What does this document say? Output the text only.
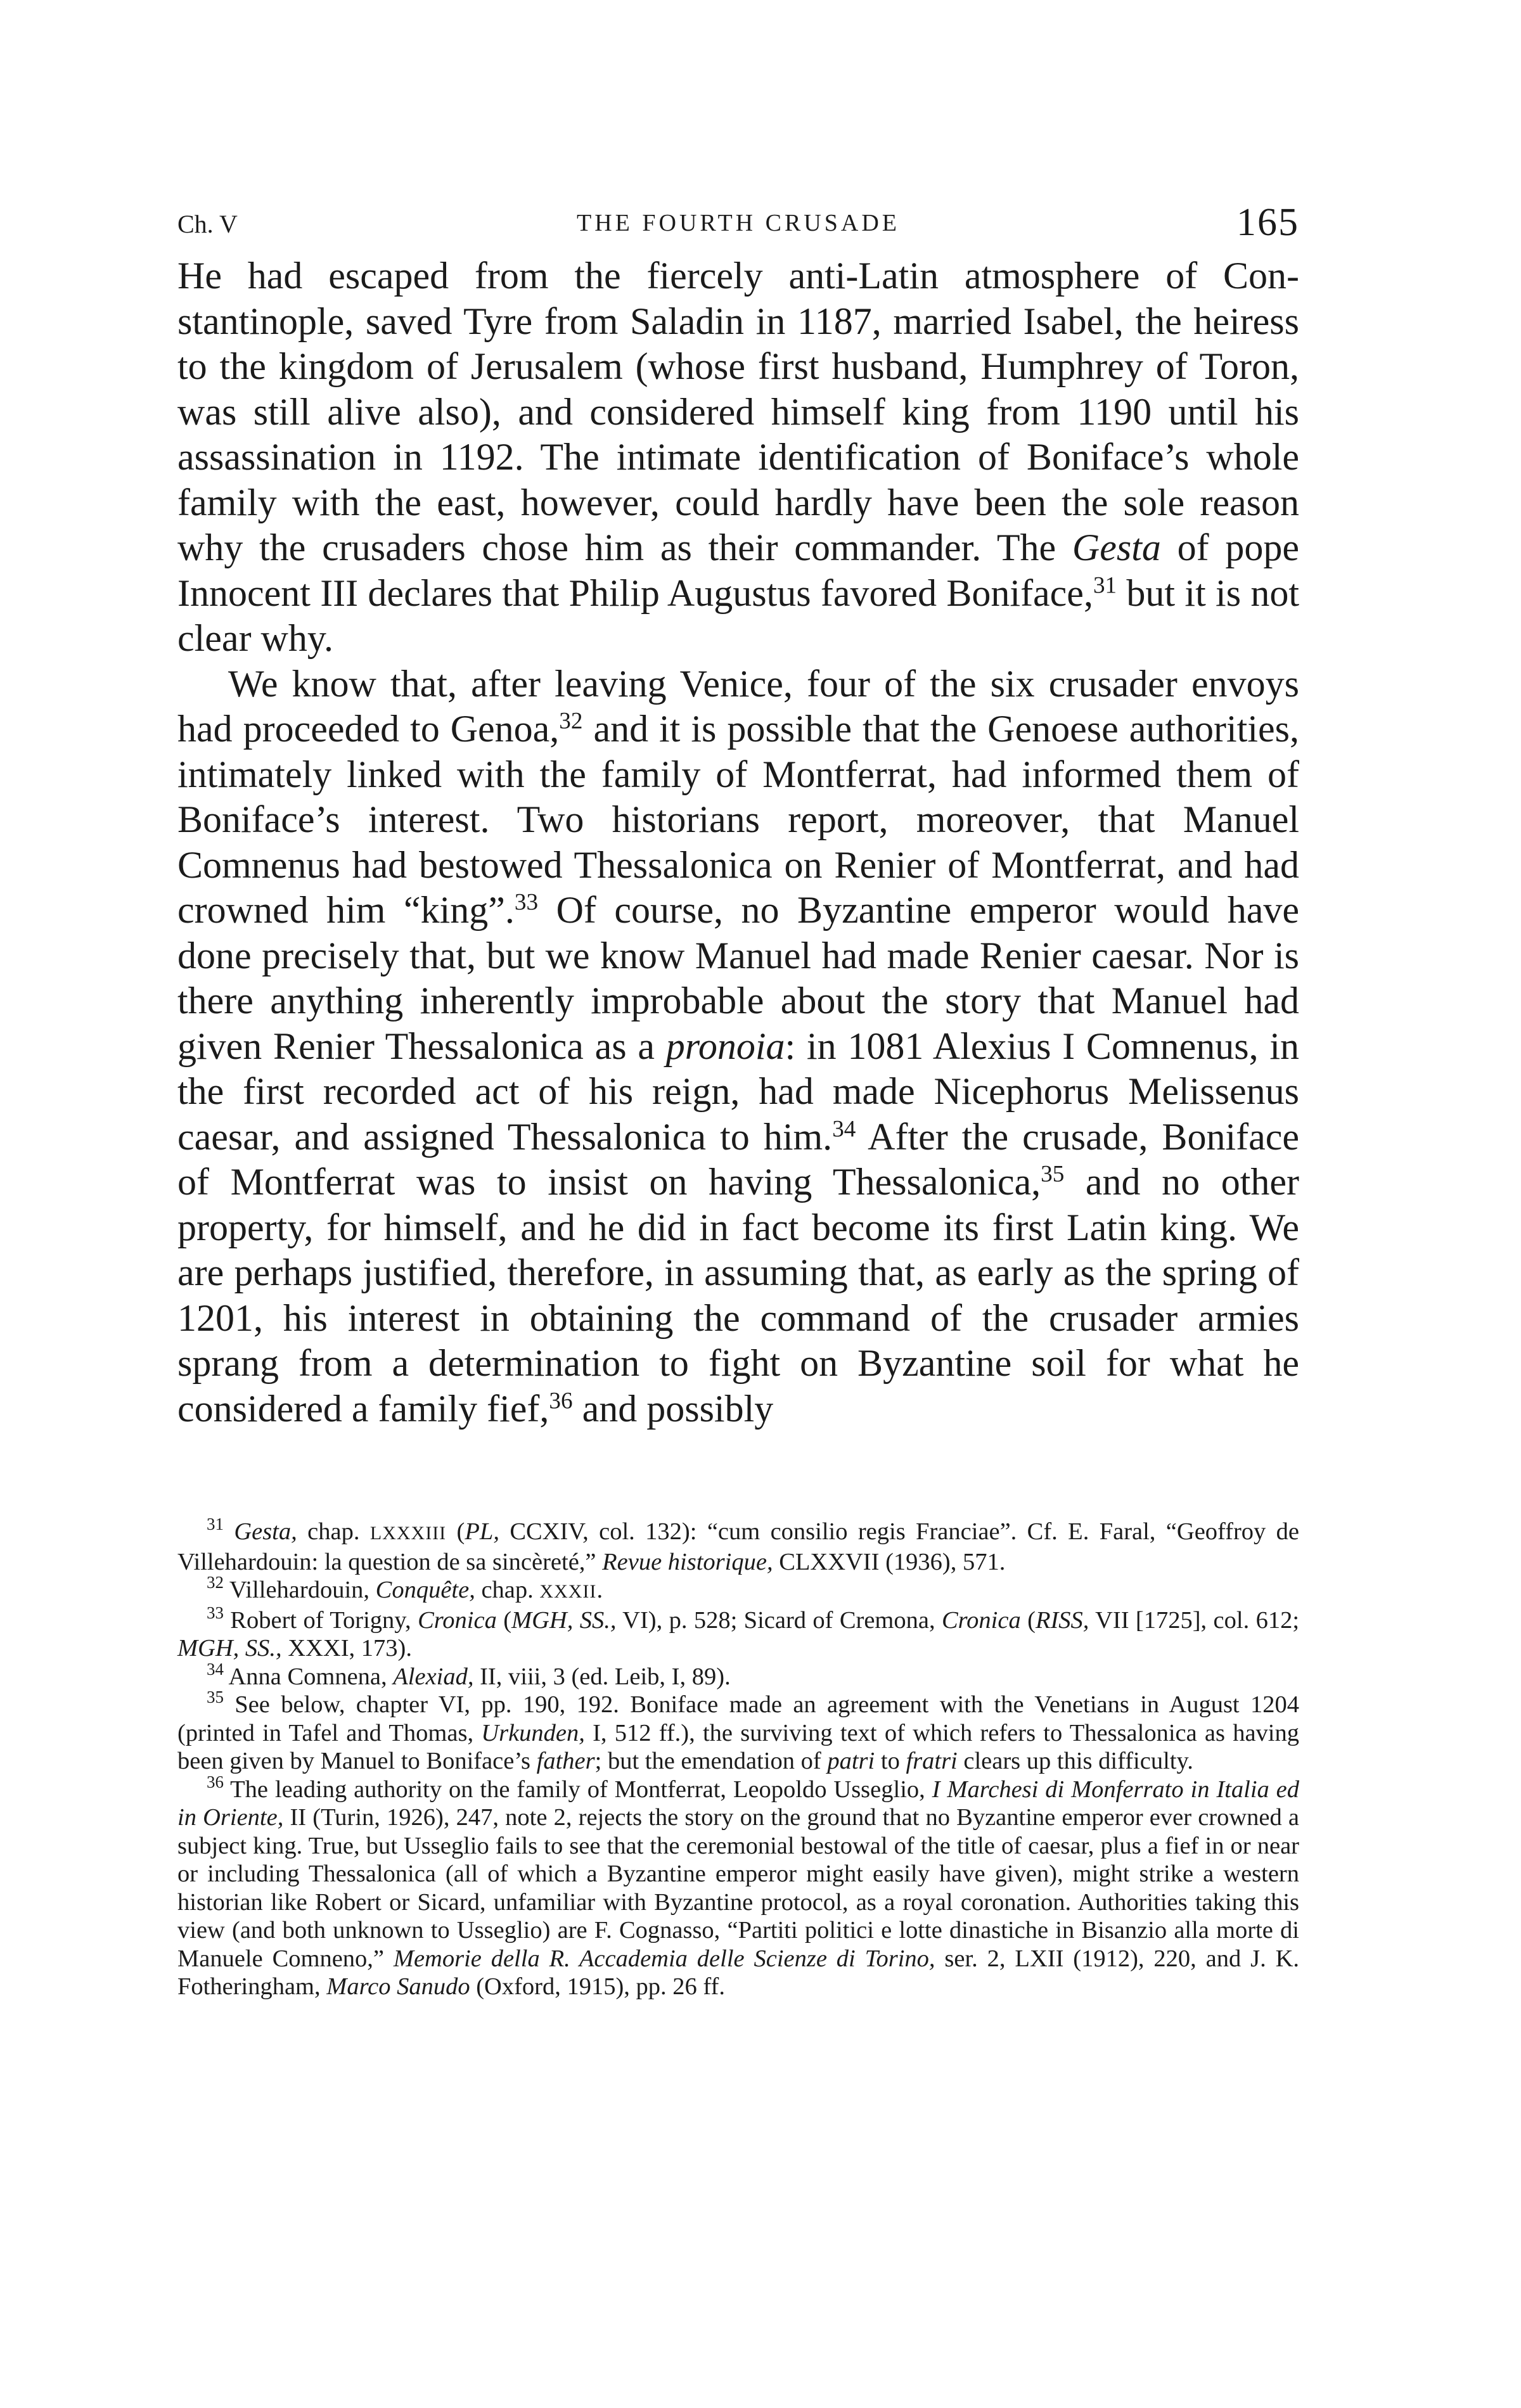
Ch. V	THE FOURTH CRUSADE	165

He had escaped from the fiercely anti-Latin atmosphere of Constantinople, saved Tyre from Saladin in 1187, married Isabel, the heiress to the kingdom of Jerusalem (whose first husband, Humphrey of Toron, was still alive also), and considered himself king from 1190 until his assassination in 1192. The intimate identification of Boniface’s whole family with the east, however, could hardly have been the sole reason why the crusaders chose him as their commander. The Gesta of pope Innocent III declares that Philip Augustus favored Boniface,$^{31}$ but it is not clear why.

We know that, after leaving Venice, four of the six crusader envoys had proceeded to Genoa,$^{32}$ and it is possible that the Genoese authorities, intimately linked with the family of Montferrat, had informed them of Boniface’s interest. Two historians report, moreover, that Manuel Comnenus had bestowed Thessalonica on Renier of Montferrat, and had crowned him “king”.$^{33}$ Of course, no Byzantine emperor would have done precisely that, but we know Manuel had made Renier caesar. Nor is there anything inherently improbable about the story that Manuel had given Renier Thessalonica as a pronoia: in 1081 Alexius I Comnenus, in the first recorded act of his reign, had made Nicephorus Melissenus caesar, and assigned Thessalonica to him.$^{34}$ After the crusade, Boniface of Montferrat was to insist on having Thessalonica,$^{35}$ and no other property, for himself, and he did in fact become its first Latin king. We are perhaps justified, therefore, in assuming that, as early as the spring of 1201, his interest in obtaining the command of the crusader armies sprang from a determination to fight on Byzantine soil for what he considered a family fief,$^{36}$ and possibly

$^{31}$ Gesta, chap. LXXXIII (PL, CCXIV, col. 132): “cum consilio regis Franciae”. Cf. E. Faral, “Geoffroy de Villehardouin: la question de sa sincèreté,” Revue historique, CLXXVII (1936), 571.

$^{32}$ Villehardouin, Conquête, chap. XXXII.

$^{33}$ Robert of Torigny, Cronica (MGH, SS., VI), p. 528; Sicard of Cremona, Cronica (RISS, VII [1725], col. 612; MGH, SS., XXXI, 173).

$^{34}$ Anna Comnena, Alexiad, II, viii, 3 (ed. Leib, I, 89).

$^{35}$ See below, chapter VI, pp. 190, 192. Boniface made an agreement with the Venetians in August 1204 (printed in Tafel and Thomas, Urkunden, I, 512 ff.), the surviving text of which refers to Thessalonica as having been given by Manuel to Boniface’s father; but the emendation of patri to fratri clears up this difficulty.

$^{36}$ The leading authority on the family of Montferrat, Leopoldo Usseglio, I Marchesi di Monferrato in Italia ed in Oriente, II (Turin, 1926), 247, note 2, rejects the story on the ground that no Byzantine emperor ever crowned a subject king. True, but Usseglio fails to see that the ceremonial bestowal of the title of caesar, plus a fief in or near or including Thessalonica (all of which a Byzantine emperor might easily have given), might strike a western historian like Robert or Sicard, unfamiliar with Byzantine protocol, as a royal coronation. Authorities taking this view (and both unknown to Usseglio) are F. Cognasso, “Partiti politici e lotte dinastiche in Bisanzio alla morte di Manuele Comneno,” Memorie della R. Accademia delle Scienze di Torino, ser. 2, LXII (1912), 220, and J. K. Fotheringham, Marco Sanudo (Oxford, 1915), pp. 26 ff.
